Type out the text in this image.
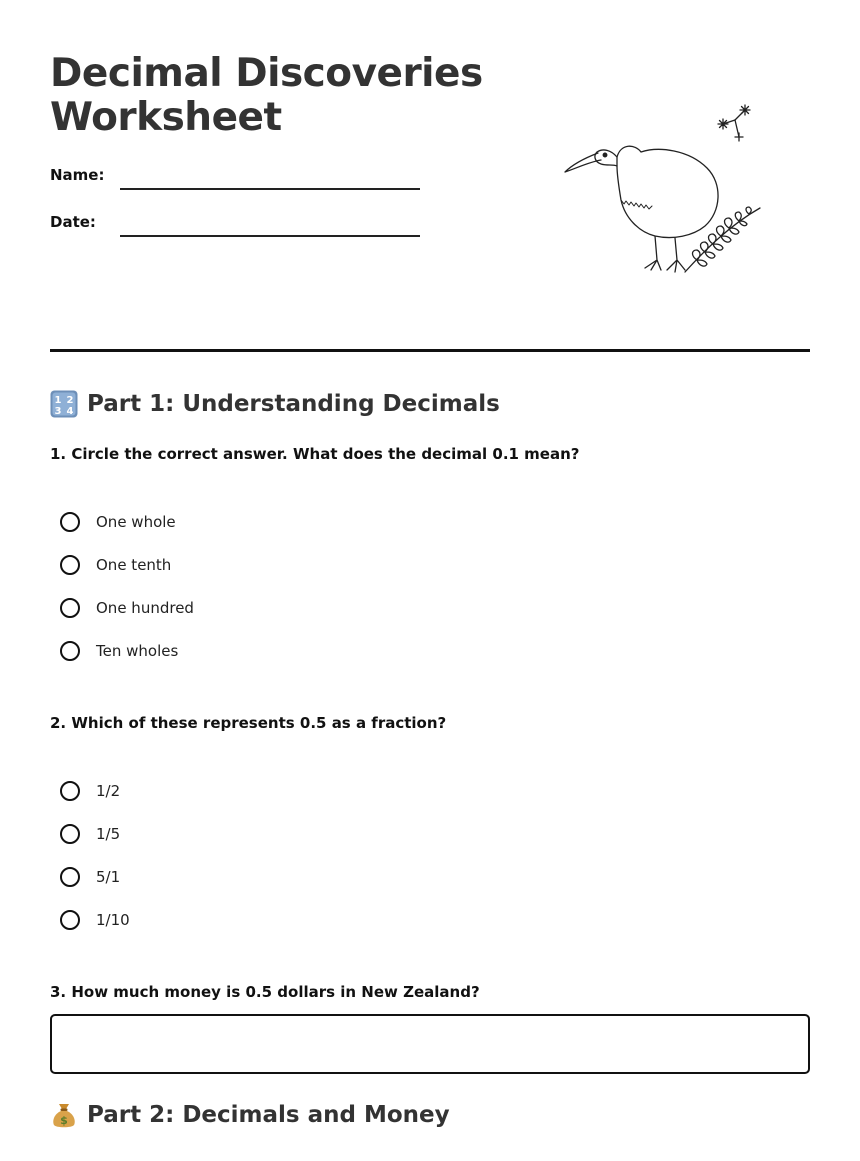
Decimal Discoveries
Worksheet
Name:
Date:
1 2
3 4 Part 1: Understanding Decimals
1. Circle the correct answer. What does the decimal 0.1 mean?
One whole
One tenth
One hundred
Ten wholes
2. Which of these represents 0.5 as a fraction?
1/2
1/5
5/1
1/10
3. How much money is 0.5 dollars in New Zealand?
$ Part 2: Decimals and Money
